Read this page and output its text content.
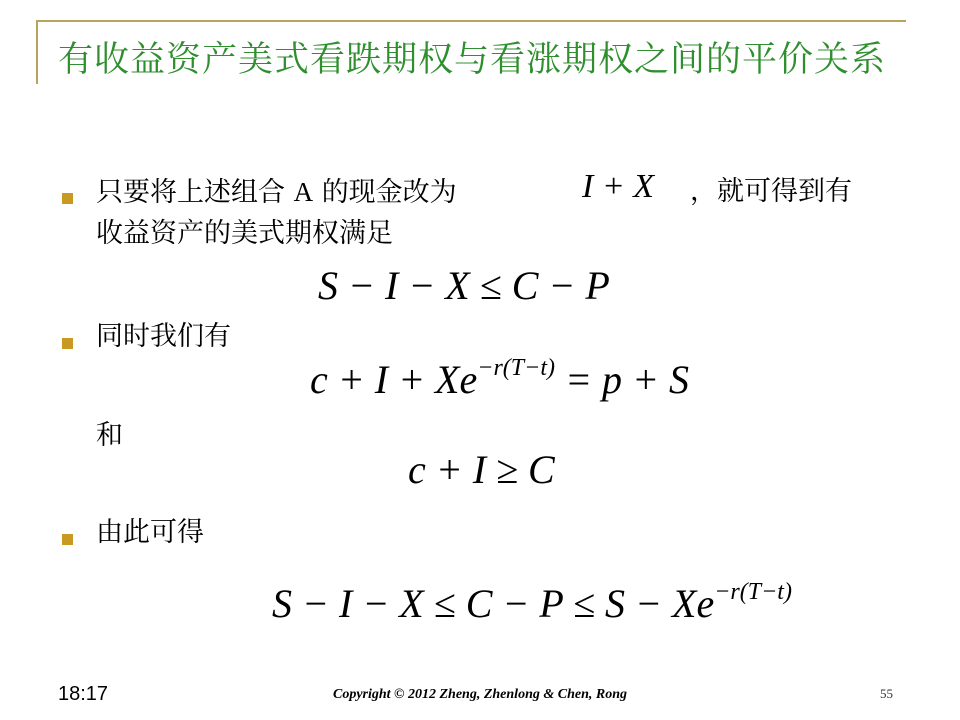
有收益资产美式看跌期权与看涨期权之间的平价关系
只要将上述组合 A 的现金改为	I + X ，就可得到有
收益资产的美式期权满足
S − I − X ≤ C − P
同时我们有
$c + I + Xe^{-r(T-t)} = p + S$
和
c + I ≥ C
由此可得
$S - I - X \le C - P \le S - Xe^{-r(T-t)}$
18:17	Copyright © 2012 Zheng, Zhenlong & Chen, Rong	55
